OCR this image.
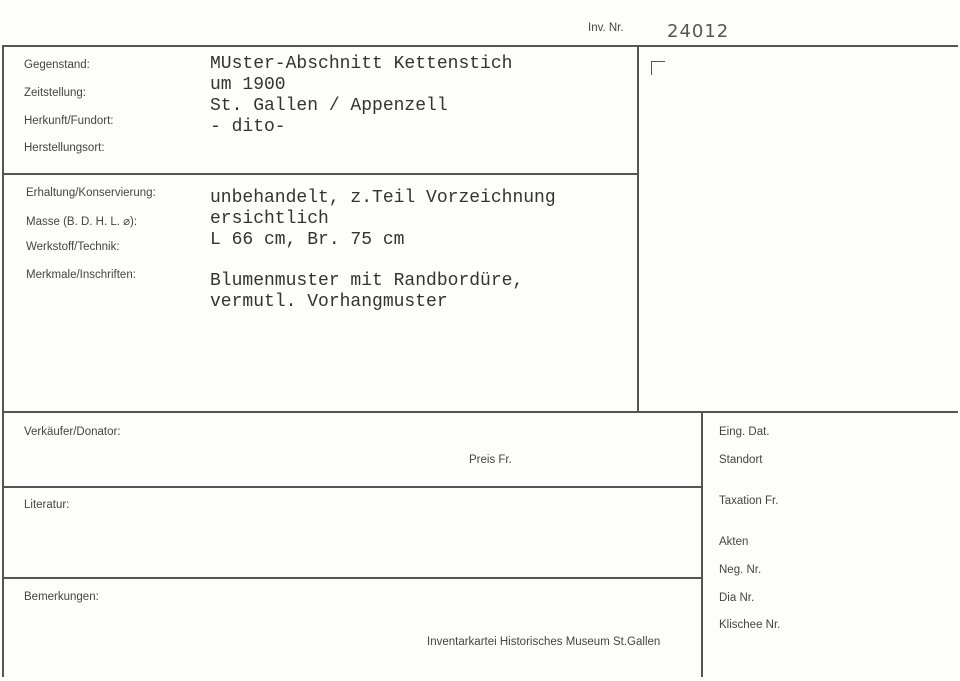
Inv. Nr. 24012
Gegenstand:
Zeitstellung:
Herkunft/Fundort:
Herstellungsort:
MUster-Abschnitt Kettenstich
um 1900
St. Gallen / Appenzell
- dito-
Erhaltung/Konservierung:
Masse (B. D. H. L. ⌀):
Werkstoff/Technik:
Merkmale/Inschriften:
unbehandelt, z.Teil Vorzeichnung
ersichtlich
L 66 cm, Br. 75 cm
Blumenmuster mit Randbordüre,
vermutl. Vorhangmuster
Verkäufer/Donator:
Preis Fr.
Literatur:
Bemerkungen:
Inventarkartei Historisches Museum St.Gallen
Eing. Dat.
Standort
Taxation Fr.
Akten
Neg. Nr.
Dia Nr.
Klischee Nr.
